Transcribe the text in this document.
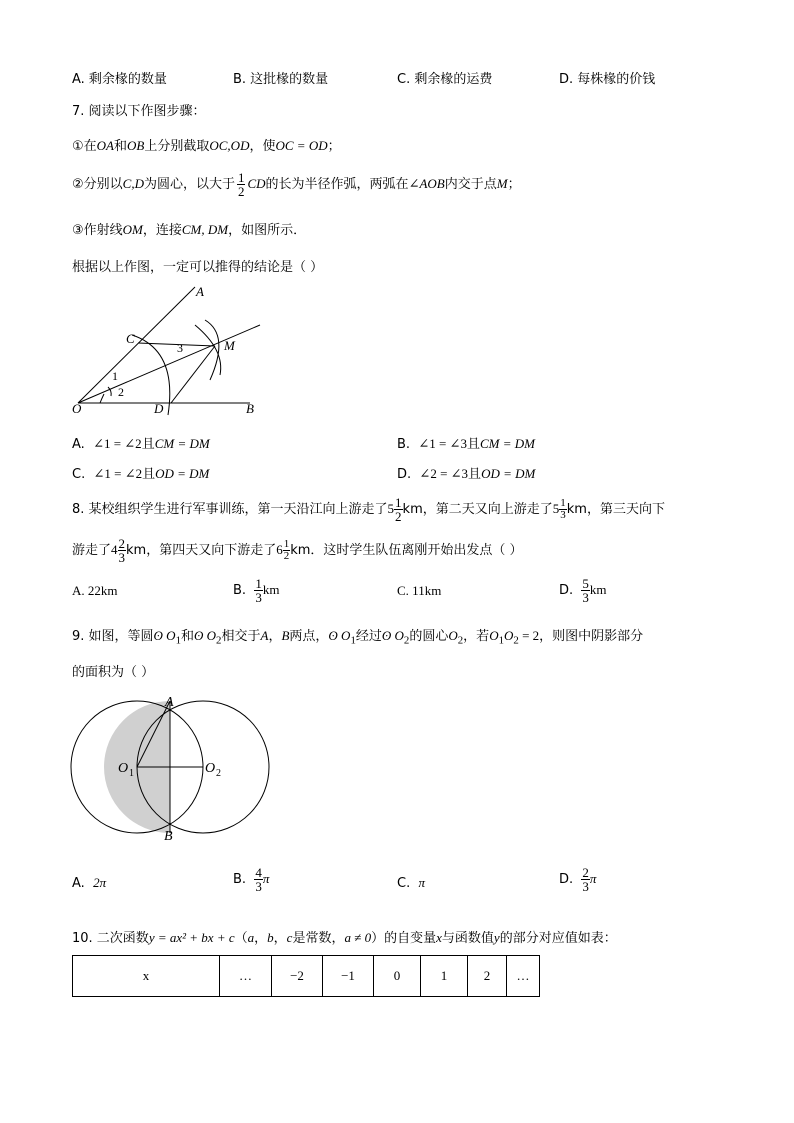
A. 剩余椽的数量	B. 这批椽的数量	C. 剩余椽的运费	D. 每株椽的价钱
7. 阅读以下作图步骤：
①在OA和OB上分别截取OC,OD，使OC = OD；
②分别以C,D为圆心，以大于 $\frac{1}{2}$ CD的长为半径作弧，两弧在∠AOB内交于点M；
③作射线OM，连接CM, DM，如图所示．
根据以上作图，一定可以推得的结论是（ ）
A
C	M
O	D	B
1
2
3
A. ∠1 = ∠2且CM = DM	B. ∠1 = ∠3且CM = DM
C. ∠1 = ∠2且OD = DM	D. ∠2 = ∠3且OD = DM
8. 某校组织学生进行军事训练，第一天沿江向上游走了$5 \frac{1}{2}$ km，第二天又向上游走了$5 \frac{1}{3}$ km，第三天向下
游走了$4 \frac{2}{3}$ km，第四天又向下游走了$6 \frac{1}{2}$ km．这时学生队伍离刚开始出发点（ ）
A. 22km	B. $\frac{1}{3}$ km	C. 11km	D. $\frac{5}{3}$ km
9. 如图，等圆ʘ $O_1$和ʘ $O_2$相交于A，B两点，ʘ $O_1$经过ʘ $O_2$的圆心$O_2$，若$O_1O_2 = 2$，则图中阴影部分
的面积为（ ）
A
B
O 1	O 2
A. 2π	B. $\frac{4}{3}$ π	C. π	D. $\frac{2}{3}$ π
10. 二次函数y = ax² + bx + c（a，b，c是常数，a ≠ 0）的自变量x与函数值y的部分对应值如表：
x	…	−2	−1	0	1	2	…
